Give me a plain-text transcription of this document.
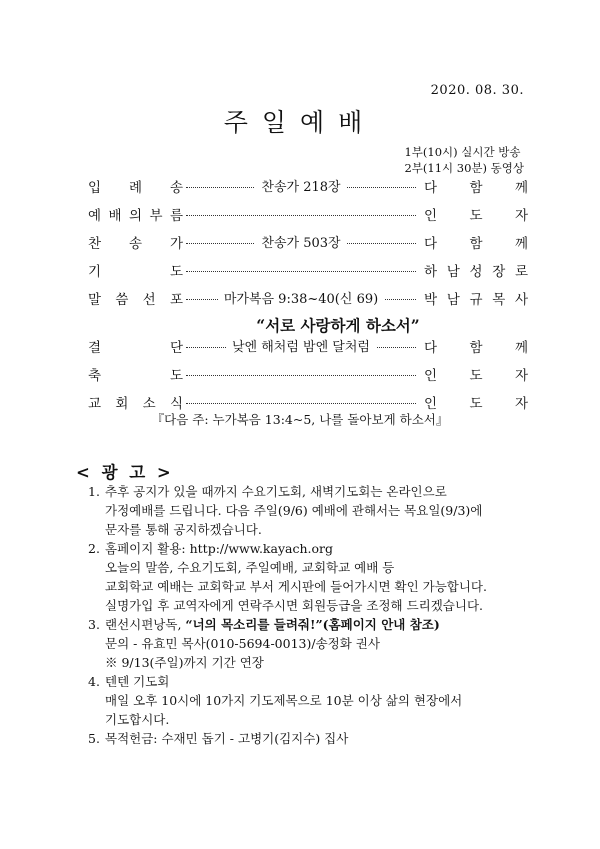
2020. 08. 30.
주일예배
1부(10시) 실시간 방송
2부(11시 30분) 동영상
입 례 송	찬송가 218장	다 함 께
예 배 의 부 름	인 도 자
찬 송 가	찬송가 503장	다 함 께
기	도	하 남 성 장 로
말 씀 선 포	마가복음 9:38~40(신 69)	박 남 규 목 사
“서로 사랑하게 하소서”
결	단	낮엔 해처럼 밤엔 달처럼	다 함 께
축	도	인 도 자
교 회 소 식	인 도 자
『다음 주: 누가복음 13:4~5, 나를 돌아보게 하소서』
< 광 고 >
1. 추후 공지가 있을 때까지 수요기도회, 새벽기도회는 온라인으로
가정예배를 드립니다. 다음 주일(9/6) 예배에 관해서는 목요일(9/3)에
문자를 통해 공지하겠습니다.
2. 홈페이지 활용: http://www.kayach.org
오늘의 말씀, 수요기도회, 주일예배, 교회학교 예배 등
교회학교 예배는 교회학교 부서 게시판에 들어가시면 확인 가능합니다.
실명가입 후 교역자에게 연락주시면 회원등급을 조정해 드리겠습니다.
3. 랜선시편낭독, “너의 목소리를 들려줘!”(홈페이지 안내 참조)
문의 - 유효민 목사(010-5694-0013)/송정화 권사
※ 9/13(주일)까지 기간 연장
4. 텐텐 기도회
매일 오후 10시에 10가지 기도제목으로 10분 이상 삶의 현장에서
기도합시다.
5. 목적헌금: 수재민 돕기 - 고병기(김지수) 집사
